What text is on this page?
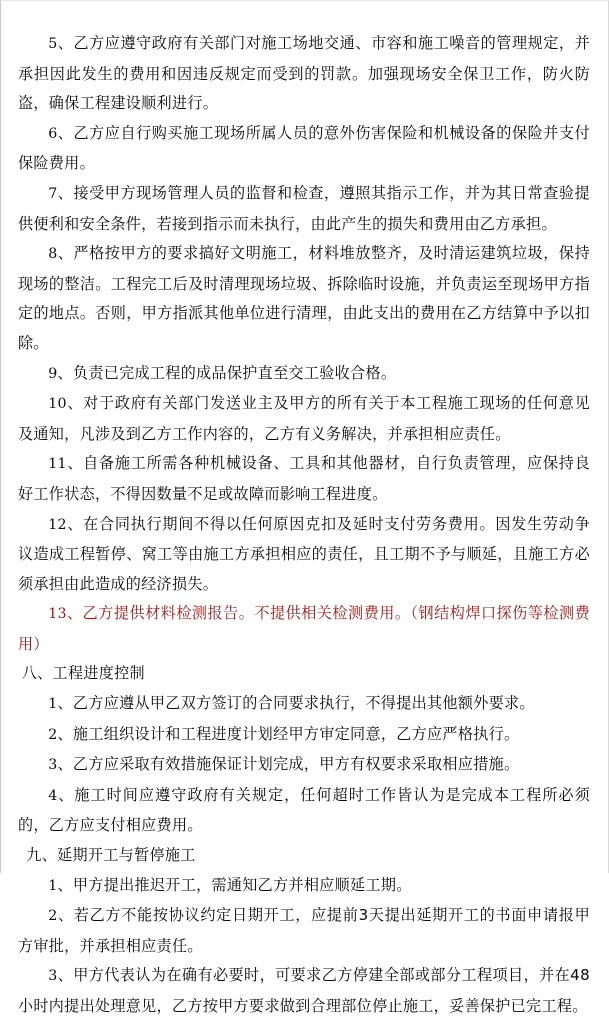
5、乙方应遵守政府有关部门对施工场地交通、市容和施工噪音的管理规定，并承担因此发生的费用和因违反规定而受到的罚款。加强现场安全保卫工作，防火防盗，确保工程建设顺利进行。

6、乙方应自行购买施工现场所属人员的意外伤害保险和机械设备的保险并支付保险费用。

7、接受甲方现场管理人员的监督和检查，遵照其指示工作，并为其日常查验提供便利和安全条件，若接到指示而未执行，由此产生的损失和费用由乙方承担。

8、严格按甲方的要求搞好文明施工，材料堆放整齐，及时清运建筑垃圾，保持现场的整洁。工程完工后及时清理现场垃圾、拆除临时设施，并负责运至现场甲方指定的地点。否则，甲方指派其他单位进行清理，由此支出的费用在乙方结算中予以扣除。

9、负责已完成工程的成品保护直至交工验收合格。

10、对于政府有关部门发送业主及甲方的所有关于本工程施工现场的任何意见及通知，凡涉及到乙方工作内容的，乙方有义务解决，并承担相应责任。

11、自备施工所需各种机械设备、工具和其他器材，自行负责管理，应保持良好工作状态，不得因数量不足或故障而影响工程进度。

12、在合同执行期间不得以任何原因克扣及延时支付劳务费用。因发生劳动争议造成工程暂停、窝工等由施工方承担相应的责任，且工期不予与顺延，且施工方必须承担由此造成的经济损失。

13、乙方提供材料检测报告。不提供相关检测费用。（钢结构焊口探伤等检测费用）

八、工程进度控制

1、乙方应遵从甲乙双方签订的合同要求执行，不得提出其他额外要求。

2、施工组织设计和工程进度计划经甲方审定同意，乙方应严格执行。

3、乙方应采取有效措施保证计划完成，甲方有权要求采取相应措施。

4、施工时间应遵守政府有关规定，任何超时工作皆认为是完成本工程所必须的，乙方应支付相应费用。

九、延期开工与暂停施工

1、甲方提出推迟开工，需通知乙方并相应顺延工期。

2、若乙方不能按协议约定日期开工，应提前3天提出延期开工的书面申请报甲方审批，并承担相应责任。

3、甲方代表认为在确有必要时，可要求乙方停建全部或部分工程项目，并在48小时内提出处理意见，乙方按甲方要求做到合理部位停止施工，妥善保护已完工程。
